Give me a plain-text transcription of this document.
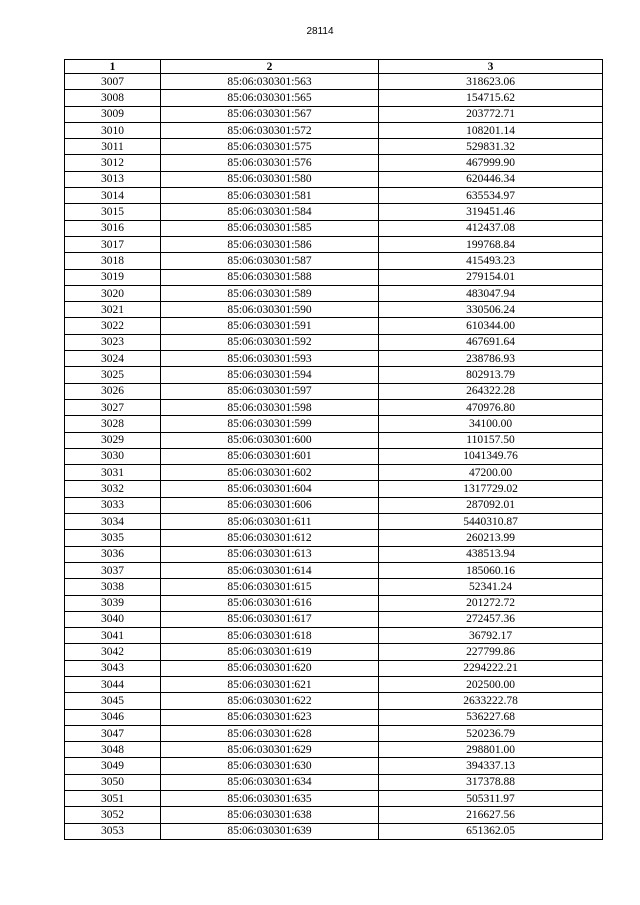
28114
1	2	3
3007	85:06:030301:563	318623.06
3008	85:06:030301:565	154715.62
3009	85:06:030301:567	203772.71
3010	85:06:030301:572	108201.14
3011	85:06:030301:575	529831.32
3012	85:06:030301:576	467999.90
3013	85:06:030301:580	620446.34
3014	85:06:030301:581	635534.97
3015	85:06:030301:584	319451.46
3016	85:06:030301:585	412437.08
3017	85:06:030301:586	199768.84
3018	85:06:030301:587	415493.23
3019	85:06:030301:588	279154.01
3020	85:06:030301:589	483047.94
3021	85:06:030301:590	330506.24
3022	85:06:030301:591	610344.00
3023	85:06:030301:592	467691.64
3024	85:06:030301:593	238786.93
3025	85:06:030301:594	802913.79
3026	85:06:030301:597	264322.28
3027	85:06:030301:598	470976.80
3028	85:06:030301:599	34100.00
3029	85:06:030301:600	110157.50
3030	85:06:030301:601	1041349.76
3031	85:06:030301:602	47200.00
3032	85:06:030301:604	1317729.02
3033	85:06:030301:606	287092.01
3034	85:06:030301:611	5440310.87
3035	85:06:030301:612	260213.99
3036	85:06:030301:613	438513.94
3037	85:06:030301:614	185060.16
3038	85:06:030301:615	52341.24
3039	85:06:030301:616	201272.72
3040	85:06:030301:617	272457.36
3041	85:06:030301:618	36792.17
3042	85:06:030301:619	227799.86
3043	85:06:030301:620	2294222.21
3044	85:06:030301:621	202500.00
3045	85:06:030301:622	2633222.78
3046	85:06:030301:623	536227.68
3047	85:06:030301:628	520236.79
3048	85:06:030301:629	298801.00
3049	85:06:030301:630	394337.13
3050	85:06:030301:634	317378.88
3051	85:06:030301:635	505311.97
3052	85:06:030301:638	216627.56
3053	85:06:030301:639	651362.05
